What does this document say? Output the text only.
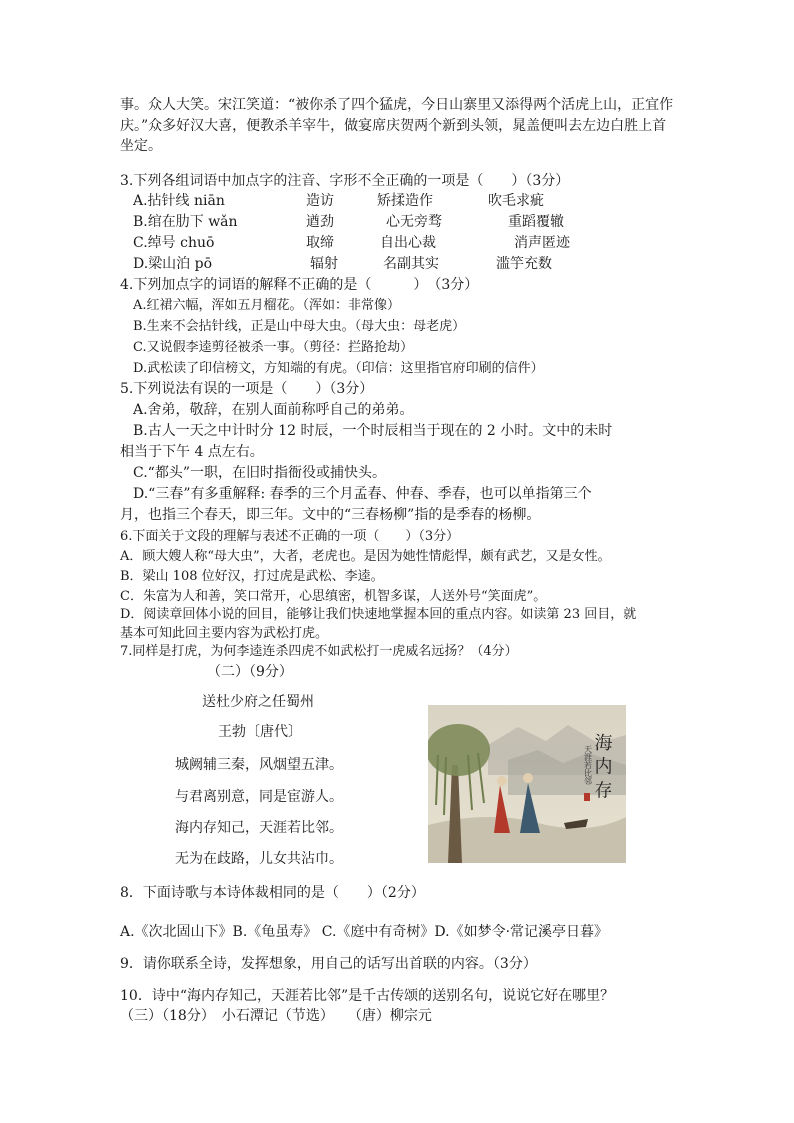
事。众人大笑。宋江笑道：“被你杀了四个猛虎，今日山寨里又添得两个活虎上山，正宜作
庆。”众多好汉大喜，便教杀羊宰牛，做宴席庆贺两个新到头领，晁盖便叫去左边白胜上首
坐定。
3.下列各组词语中加点字的注音、字形不全正确的一项是（　　）（3分）
A.拈针线 niān	造访	矫揉造作	吹毛求疵
B.绾在肋下 wǎn	遒劲	心无旁骛	重蹈覆辙
C.绰号 chuō	取缔	自出心裁	消声匿迹
D.梁山泊 pō	辐射	名副其实	滥竽充数
4.下列加点字的词语的解释不正确的是（　　　）　（3分）
A.红裙六幅，浑如五月榴花。（浑如：非常像）
B.生来不会拈针线，正是山中母大虫。（母大虫：母老虎）
C.又说假李逵剪径被杀一事。（剪径：拦路抢劫）
D.武松读了印信榜文，方知端的有虎。（印信：这里指官府印刷的信件）
5.下列说法有误的一项是（　　）（3分）
A.舍弟，敬辞，在别人面前称呼自己的弟弟。
B.古人一天之中计时分 12 时辰，一个时辰相当于现在的 2 小时。文中的未时
相当于下午 4 点左右。
C.“都头”一职，在旧时指衙役或捕快头。
D.“三春”有多重解释: 春季的三个月孟春、仲春、季春，也可以单指第三个
月，也指三个春天，即三年。文中的“三春杨柳”指的是季春的杨柳。
6.下面关于文段的理解与表述不正确的一项（　　）（3分）
A．顾大嫂人称“母大虫”，大者，老虎也。是因为她性情彪悍，颇有武艺，又是女性。
B．梁山 108 位好汉，打过虎是武松、李逵。
C．朱富为人和善，笑口常开，心思缜密，机智多谋，人送外号“笑面虎”。
D．阅读章回体小说的回目，能够让我们快速地掌握本回的重点内容。如读第 23 回目，就
基本可知此回主要内容为武松打虎。
7.同样是打虎，为何李逵连杀四虎不如武松打一虎威名远扬？（4分）
（二）（9分）
送杜少府之任蜀州
王勃〔唐代〕
城阙辅三秦，风烟望五津。
与君离别意，同是宦游人。
海内存知己，天涯若比邻。
无为在歧路，儿女共沾巾。
海 内 存
天涯若比邻
8．下面诗歌与本诗体裁相同的是（　　）（2分）
A.《次北固山下》B.《龟虽寿》 C.《庭中有奇树》D.《如梦令·常记溪亭日暮》
9．请你联系全诗，发挥想象，用自己的话写出首联的内容。（3分）
10．诗中“海内存知己，天涯若比邻”是千古传颂的送别名句，说说它好在哪里？
（三）（18分）　小石潭记（节选）　　（唐）柳宗元
